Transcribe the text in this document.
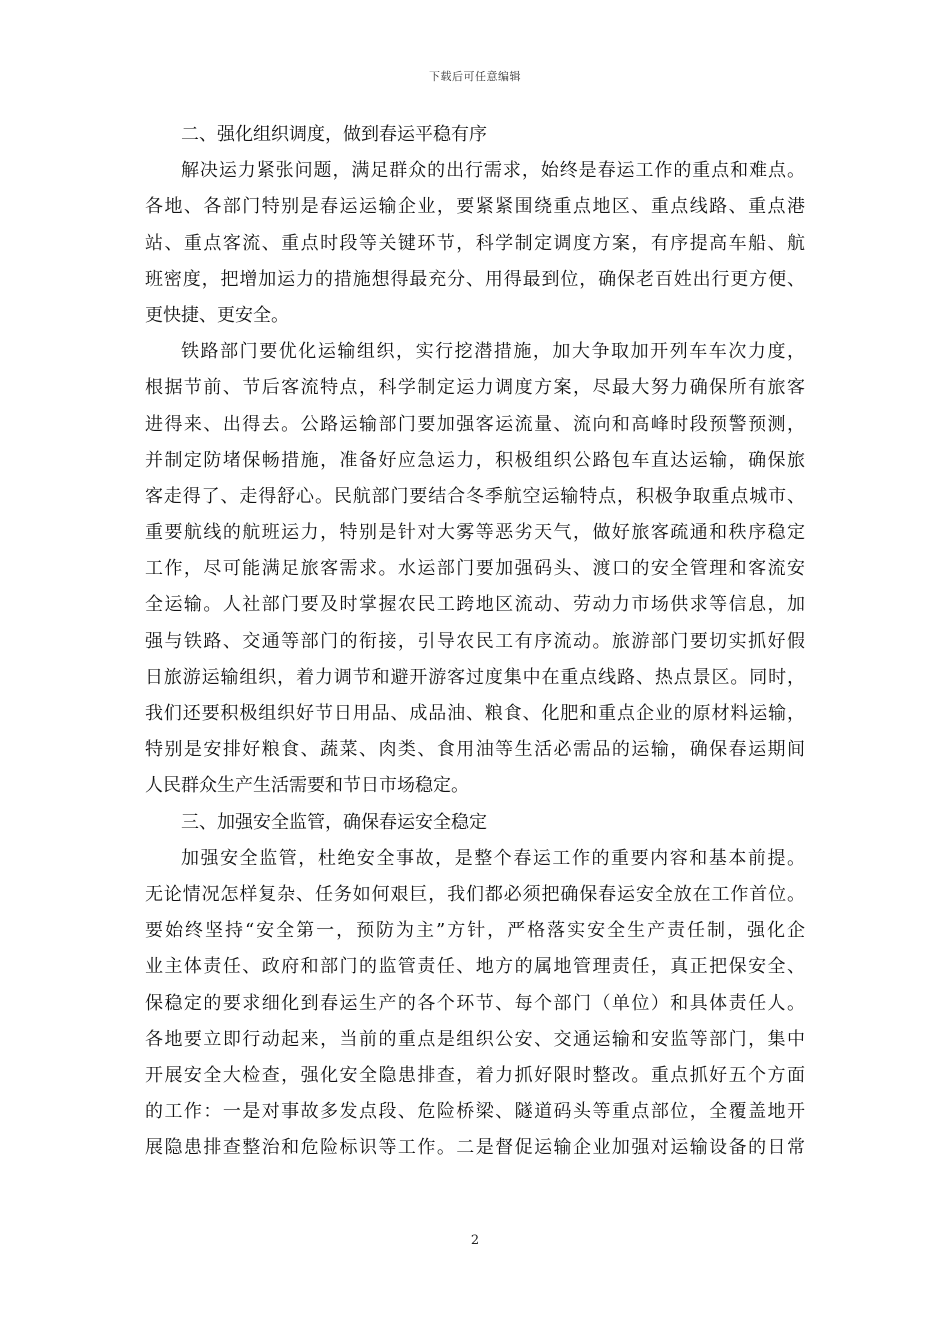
下载后可任意编辑
二、强化组织调度，做到春运平稳有序
解决运力紧张问题，满足群众的出行需求，始终是春运工作的重点和难点。
各地、各部门特别是春运运输企业，要紧紧围绕重点地区、重点线路、重点港
站、重点客流、重点时段等关键环节，科学制定调度方案，有序提高车船、航
班密度，把增加运力的措施想得最充分、用得最到位，确保老百姓出行更方便、
更快捷、更安全。
铁路部门要优化运输组织，实行挖潜措施，加大争取加开列车车次力度，
根据节前、节后客流特点，科学制定运力调度方案，尽最大努力确保所有旅客
进得来、出得去。公路运输部门要加强客运流量、流向和高峰时段预警预测，
并制定防堵保畅措施，准备好应急运力，积极组织公路包车直达运输，确保旅
客走得了、走得舒心。民航部门要结合冬季航空运输特点，积极争取重点城市、
重要航线的航班运力，特别是针对大雾等恶劣天气，做好旅客疏通和秩序稳定
工作，尽可能满足旅客需求。水运部门要加强码头、渡口的安全管理和客流安
全运输。人社部门要及时掌握农民工跨地区流动、劳动力市场供求等信息，加
强与铁路、交通等部门的衔接，引导农民工有序流动。旅游部门要切实抓好假
日旅游运输组织，着力调节和避开游客过度集中在重点线路、热点景区。同时，
我们还要积极组织好节日用品、成品油、粮食、化肥和重点企业的原材料运输，
特别是安排好粮食、蔬菜、肉类、食用油等生活必需品的运输，确保春运期间
人民群众生产生活需要和节日市场稳定。
三、加强安全监管，确保春运安全稳定
加强安全监管，杜绝安全事故，是整个春运工作的重要内容和基本前提。
无论情况怎样复杂、任务如何艰巨，我们都必须把确保春运安全放在工作首位。
要始终坚持“安全第一，预防为主”方针，严格落实安全生产责任制，强化企
业主体责任、政府和部门的监管责任、地方的属地管理责任，真正把保安全、
保稳定的要求细化到春运生产的各个环节、每个部门（单位）和具体责任人。
各地要立即行动起来，当前的重点是组织公安、交通运输和安监等部门，集中
开展安全大检查，强化安全隐患排查，着力抓好限时整改。重点抓好五个方面
的工作：一是对事故多发点段、危险桥梁、隧道码头等重点部位，全覆盖地开
展隐患排查整治和危险标识等工作。二是督促运输企业加强对运输设备的日常
2
